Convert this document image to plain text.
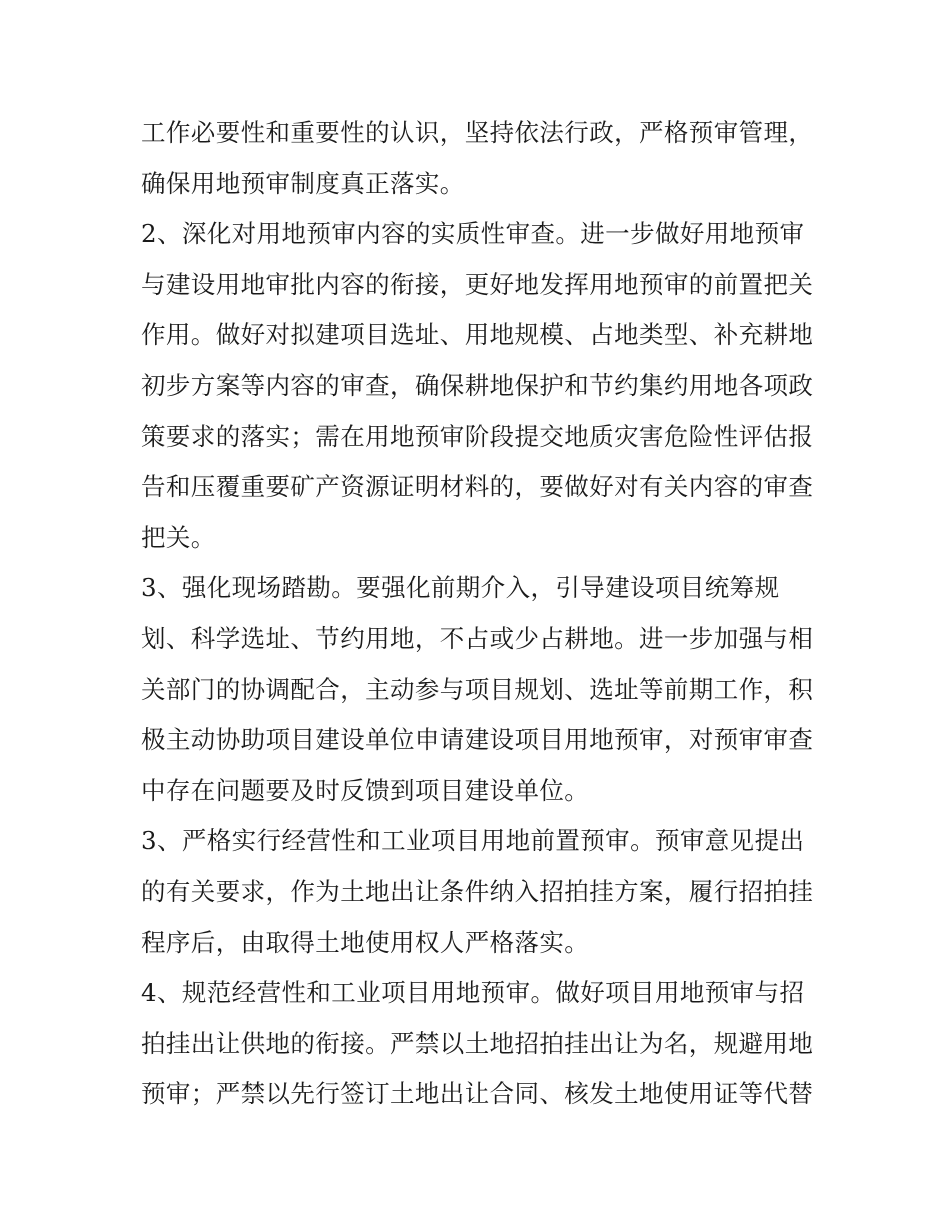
工作必要性和重要性的认识，坚持依法行政，严格预审管理，
确保用地预审制度真正落实。
2、深化对用地预审内容的实质性审查。进一步做好用地预审
与建设用地审批内容的衔接，更好地发挥用地预审的前置把关
作用。做好对拟建项目选址、用地规模、占地类型、补充耕地
初步方案等内容的审查，确保耕地保护和节约集约用地各项政
策要求的落实；需在用地预审阶段提交地质灾害危险性评估报
告和压覆重要矿产资源证明材料的，要做好对有关内容的审查
把关。
3、强化现场踏勘。要强化前期介入，引导建设项目统筹规
划、科学选址、节约用地，不占或少占耕地。进一步加强与相
关部门的协调配合，主动参与项目规划、选址等前期工作，积
极主动协助项目建设单位申请建设项目用地预审，对预审审查
中存在问题要及时反馈到项目建设单位。
3、严格实行经营性和工业项目用地前置预审。预审意见提出
的有关要求，作为土地出让条件纳入招拍挂方案，履行招拍挂
程序后，由取得土地使用权人严格落实。
4、规范经营性和工业项目用地预审。做好项目用地预审与招
拍挂出让供地的衔接。严禁以土地招拍挂出让为名，规避用地
预审；严禁以先行签订土地出让合同、核发土地使用证等代替
